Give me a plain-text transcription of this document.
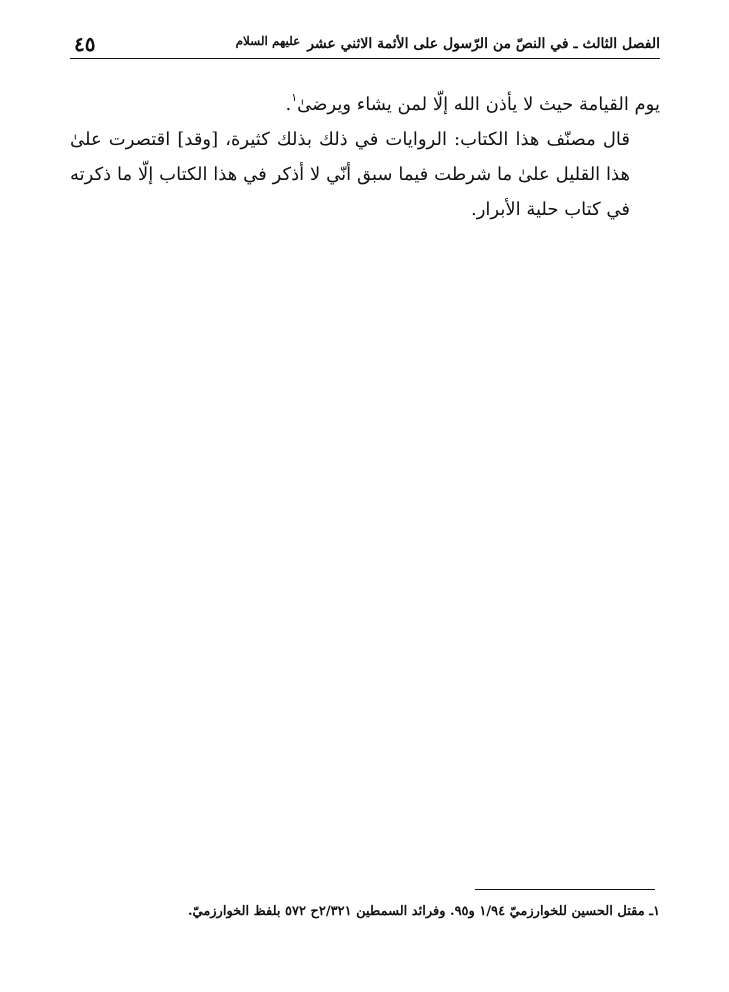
٤٥	الفصل الثالث ـ في النصّ من الرّسول على الأئمة الاثني عشر عليهم السلام

يوم القيامة حيث لا يأذن الله إلّا لمن يشاء ويرضىٰ$^١$.

قال مصنّف هذا الكتاب: الروايات في ذلك بذلك كثيرة، [وقد] اقتصرت علىٰ هذا القليل علىٰ ما شرطت فيما سبق أنّي لا أذكر في هذا الكتاب إلّا ما ذكرته في كتاب حلية الأبرار.

١ـ مقتل الحسين للخوارزميّ ١/٩٤ و٩٥. وفرائد السمطين ٢/٣٢١ح ٥٧٢ بلفظ الخوارزميّ.
